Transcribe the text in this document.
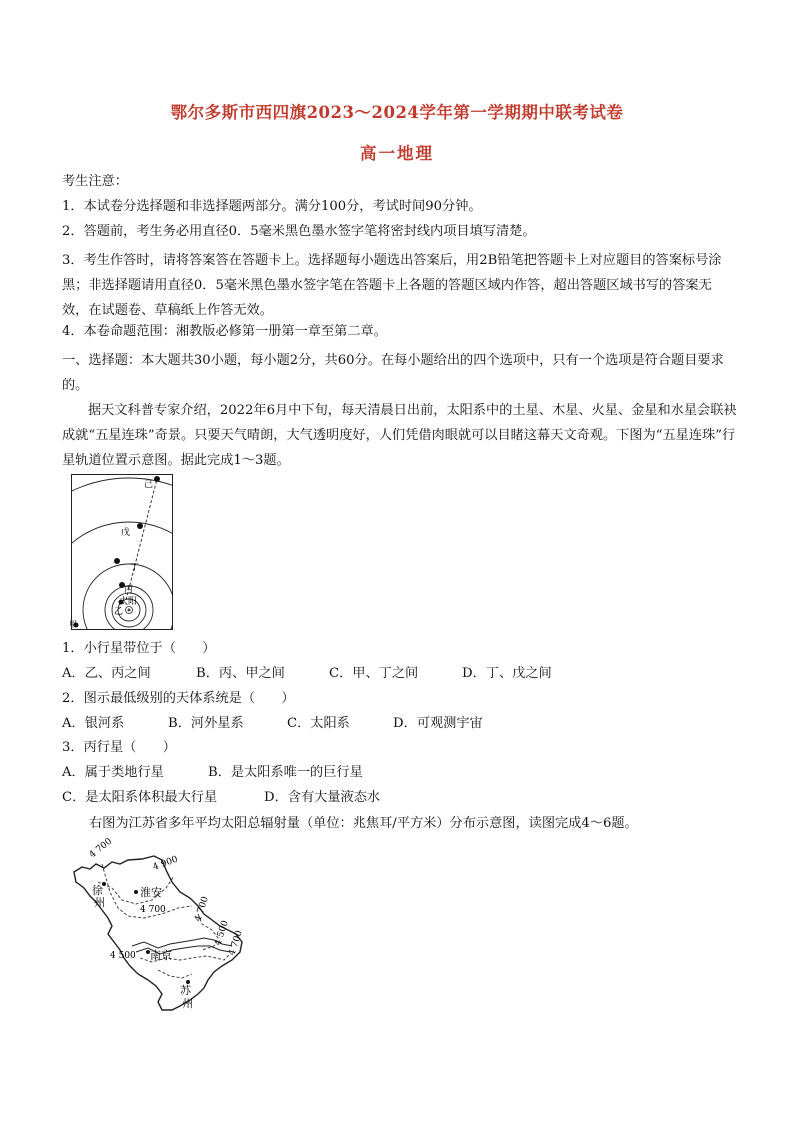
鄂尔多斯市西四旗2023～2024学年第一学期期中联考试卷
高一地理
考生注意：
1．本试卷分选择题和非选择题两部分。满分100分，考试时间90分钟。
2．答题前，考生务必用直径0．5毫米黑色墨水签字笔将密封线内项目填写清楚。
3．考生作答时，请将答案答在答题卡上。选择题每小题选出答案后，用2B铅笔把答题卡上对应题目的答案标号涂黑；非选择题请用直径0．5毫米黑色墨水签字笔在答题卡上各题的答题区域内作答，超出答题区域书写的答案无效，在试题卷、草稿纸上作答无效。
4．本卷命题范围：湘教版必修第一册第一章至第二章。
一、选择题：本大题共30小题，每小题2分，共60分。在每小题给出的四个选项中，只有一个选项是符合题目要求的。
据天文科普专家介绍，2022年6月中下旬，每天清晨日出前，太阳系中的土星、木星、火星、金星和水星会联袂成就“五星连珠”奇景。只要天气晴朗，大气透明度好，人们凭借肉眼就可以目睹这幕天文奇观。下图为“五星连珠”行星轨道位置示意图。据此完成1～3题。
己
戊
丁
丙
太阳
乙
甲
1．小行星带位于（　　）
A．乙、丙之间	B．丙、甲之间	C．甲、丁之间	D．丁、戊之间
2．图示最低级别的天体系统是（　　）
A．银河系	B．河外星系	C．太阳系	D．可观测宇宙
3．丙行星（　　）
A．属于类地行星	B．是太阳系唯一的巨行星
C．是太阳系体积最大行星	D．含有大量液态水
右图为江苏省多年平均太阳总辐射量（单位：兆焦耳/平方米）分布示意图，读图完成4～6题。
4 700
4 900
4 700	4 700
4 500
4 500
4 700
徐
州
淮安
南京
苏
州
